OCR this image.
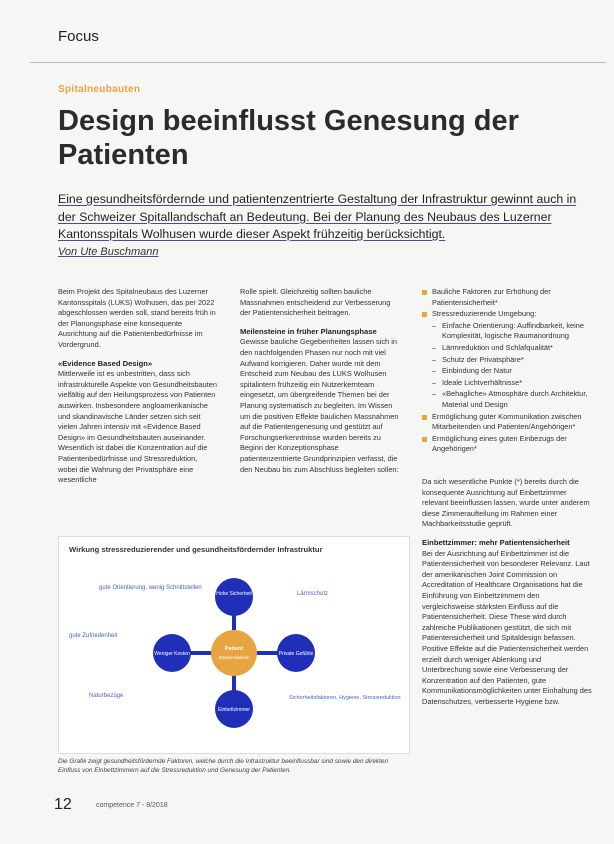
Focus
Spitalneubauten
Design beeinflusst Genesung der Patienten
Eine gesundheitsfördernde und patientenzentrierte Gestaltung der Infrastruktur gewinnt auch in der Schweizer Spitallandschaft an Bedeutung. Bei der Planung des Neubaus des Luzerner Kantonsspitals Wolhusen wurde dieser Aspekt frühzeitig berücksichtigt.
Von Ute Buschmann

Beim Projekt des Spitalneubaus des Luzerner Kantonsspitals (LUKS) Wolhusen, das per 2022 abgeschlossen werden soll, stand bereits früh in der Planungsphase eine konsequente Ausrichtung auf die Patientenbedürfnisse im Vordergrund.

«Evidence Based Design»

Mittlerweile ist es unbestritten, dass sich infrastrukturelle Aspekte von Gesundheitsbauten vielfältig auf den Heilungsprozess von Patienten auswirken. Insbesondere angloamerikanische und skandinavische Länder setzen sich seit vielen Jahren intensiv mit «Evidence Based Design» im Gesundheitsbauten auseinander. Wesentlich ist dabei die Konzentration auf die Patientenbedürfnisse und Stressreduktion, wobei die Wahrung der Privatsphäre eine wesentliche

Rolle spielt. Gleichzeitig sollten bauliche Massnahmen entscheidend zur Verbesserung der Patientensicherheit beitragen.

Meilensteine in früher Planungsphase

Gewisse bauliche Gegebenheiten lassen sich in den nachfolgenden Phasen nur noch mit viel Aufwand korrigieren. Daher wurde mit dem Entscheid zum Neubau des LUKS Wolhusen spitalintern frühzeitig ein Nutzerkernteam eingesetzt, um übergreifende Themen bei der Planung systematisch zu begleiten. Im Wissen um die positiven Effekte baulichen Massnahmen auf die Patientengenesung und gestützt auf Forschungserkenntnisse wurden bereits zu Beginn der Konzeptionsphase patientenzentrierte Grundprinzipien verfasst, die den Neubau bis zum Abschluss begleiten sollen:

Bauliche Faktoren zur Erhöhung der Patientensicherheit*
Stressreduzierende Umgebung:
– Einfache Orientierung: Auffindbarkeit, keine Komplexität, logische Raumanordnung
– Lärmreduktion und Schlafqualität*
– Schutz der Privatsphäre*
– Einbindung der Natur
– Ideale Lichtverhältnisse*
– «Behagliche» Atmosphäre durch Architektur, Material und Design
Ermöglichung guter Kommunikation zwischen Mitarbeitenden und Patienten/Angehörigen*
Ermöglichung eines guten Einbezugs der Angehörigen*

Da sich wesentliche Punkte (*) bereits durch die konsequente Ausrichtung auf Einbettzimmer relevant beeinflussen lassen, wurde unter anderem diese Zimmeraufteilung im Rahmen einer Machbarkeitsstudie geprüft.

Einbettzimmer: mehr Patientensicherheit

Bei der Ausrichtung auf Einbettzimmer ist die Patientensicherheit von besonderer Relevanz. Laut der amerikanischen Joint Commission on Accreditation of Healthcare Organisations hat die Einführung von Einbettzimmern den vergleichsweise stärksten Einfluss auf die Patientensicherheit. Diese These wird durch zahlreiche Publikationen gestützt, die sich mit Patientensicherheit und Spitaldesign befassen. Positive Effekte auf die Patientensicherheit werden erzielt durch weniger Ablenkung und Unterbrechung sowie eine Verbesserung der Konzentration auf den Patienten, gute Kommunikationsmöglichkeiten unter Einhaltung des Datenschutzes, verbesserte Hygiene bzw.

Wirkung stressreduzierender und gesundheitsfördernder Infrastruktur
Hohe Sicherheit
Weniger Kosten	Private Gefühle
Einbettzimmer
Patient
Stressreduktion
gute Orientierung, wenig Schnittstellen
Lärmschutz
gute Zufriedenheit
Naturbezüge	Sicherheitsfaktoren, Hygiene, Stressreduktion
Die Grafik zeigt gesundheitsfördernde Faktoren, welche durch die Infrastruktur beeinflussbar sind sowie den direkten Einfluss von Einbettzimmern auf die Stressreduktion und Genesung der Patienten.
12	competence 7 - 8/2018
